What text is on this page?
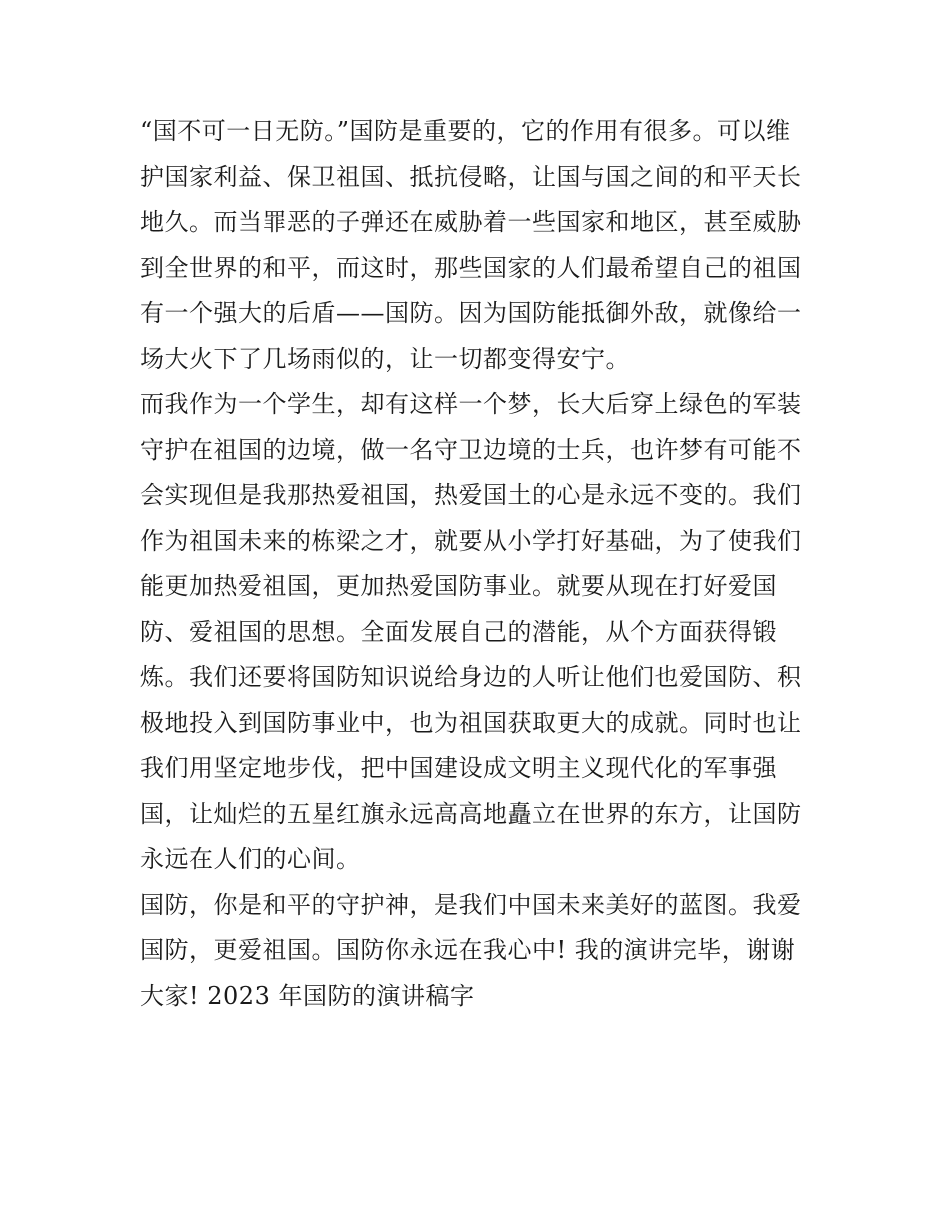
“国不可一日无防。”国防是重要的，它的作用有很多。可以维
护国家利益、保卫祖国、抵抗侵略，让国与国之间的和平天长
地久。而当罪恶的子弹还在威胁着一些国家和地区，甚至威胁
到全世界的和平，而这时，那些国家的人们最希望自己的祖国
有一个强大的后盾——国防。因为国防能抵御外敌，就像给一
场大火下了几场雨似的，让一切都变得安宁。
而我作为一个学生，却有这样一个梦，长大后穿上绿色的军装
守护在祖国的边境，做一名守卫边境的士兵，也许梦有可能不
会实现但是我那热爱祖国，热爱国土的心是永远不变的。我们
作为祖国未来的栋梁之才，就要从小学打好基础，为了使我们
能更加热爱祖国，更加热爱国防事业。就要从现在打好爱国
防、爱祖国的思想。全面发展自己的潜能，从个方面获得锻
炼。我们还要将国防知识说给身边的人听让他们也爱国防、积
极地投入到国防事业中，也为祖国获取更大的成就。同时也让
我们用坚定地步伐，把中国建设成文明主义现代化的军事强
国，让灿烂的五星红旗永远高高地矗立在世界的东方，让国防
永远在人们的心间。
国防，你是和平的守护神，是我们中国未来美好的蓝图。我爱
国防，更爱祖国。国防你永远在我心中! 我的演讲完毕，谢谢
大家! 2023 年国防的演讲稿字
